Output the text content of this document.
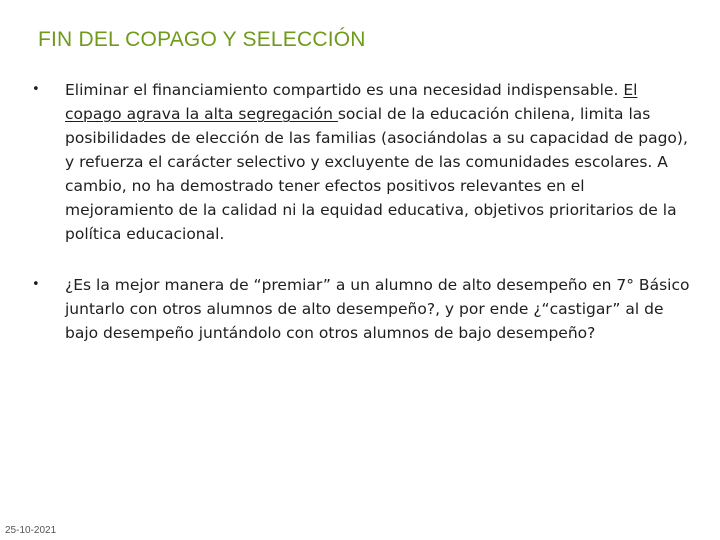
FIN DEL COPAGO Y SELECCIÓN
• Eliminar el financiamiento compartido es una necesidad indispensable. El copago agrava la alta segregación social de la educación chilena, limita las posibilidades de elección de las familias (asociándolas a su capacidad de pago), y refuerza el carácter selectivo y excluyente de las comunidades escolares. A cambio, no ha demostrado tener efectos positivos relevantes en el mejoramiento de la calidad ni la equidad educativa, objetivos prioritarios de la política educacional.
• ¿Es la mejor manera de “premiar” a un alumno de alto desempeño en 7° Básico juntarlo con otros alumnos de alto desempeño?, y por ende ¿“castigar” al de bajo desempeño juntándolo con otros alumnos de bajo desempeño?
25-10-2021
